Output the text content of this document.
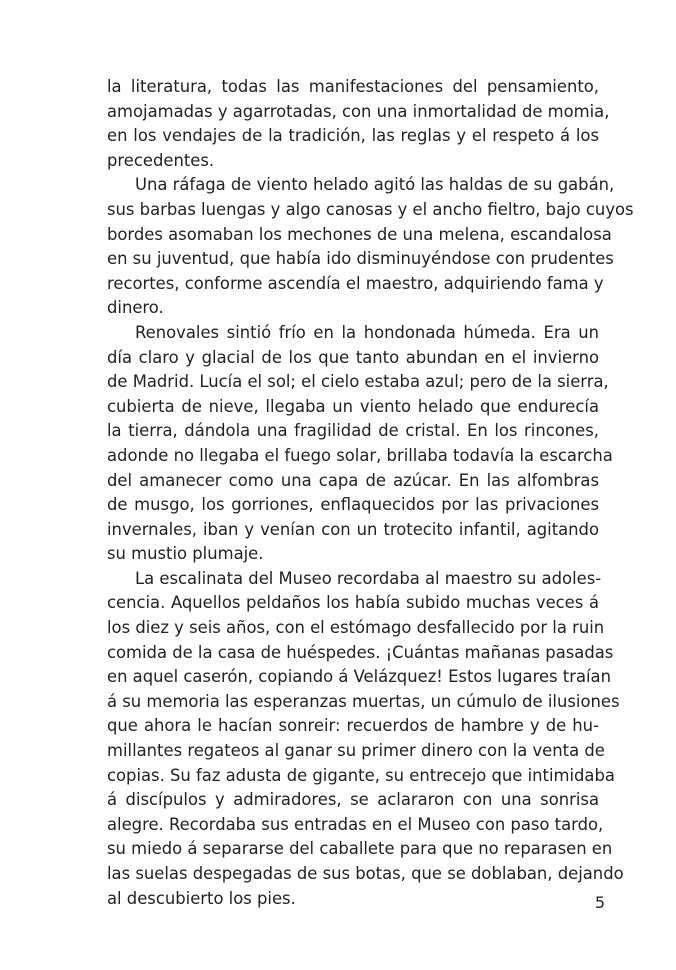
la literatura, todas las manifestaciones del pensamiento,
amojamadas y agarrotadas, con una inmortalidad de momia,
en los vendajes de la tradición, las reglas y el respeto á los
precedentes.
Una ráfaga de viento helado agitó las haldas de su gabán,
sus barbas luengas y algo canosas y el ancho fieltro, bajo cuyos
bordes asomaban los mechones de una melena, escandalosa
en su juventud, que había ido disminuyéndose con prudentes
recortes, conforme ascendía el maestro, adquiriendo fama y
dinero.
Renovales sintió frío en la hondonada húmeda. Era un
día claro y glacial de los que tanto abundan en el invierno
de Madrid. Lucía el sol; el cielo estaba azul; pero de la sierra,
cubierta de nieve, llegaba un viento helado que endurecía
la tierra, dándola una fragilidad de cristal. En los rincones,
adonde no llegaba el fuego solar, brillaba todavía la escarcha
del amanecer como una capa de azúcar. En las alfombras
de musgo, los gorriones, enflaquecidos por las privaciones
invernales, iban y venían con un trotecito infantil, agitando
su mustio plumaje.
La escalinata del Museo recordaba al maestro su adoles-
cencia. Aquellos peldaños los había subido muchas veces á
los diez y seis años, con el estómago desfallecido por la ruin
comida de la casa de huéspedes. ¡Cuántas mañanas pasadas
en aquel caserón, copiando á Velázquez! Estos lugares traían
á su memoria las esperanzas muertas, un cúmulo de ilusiones
que ahora le hacían sonreir: recuerdos de hambre y de hu-
millantes regateos al ganar su primer dinero con la venta de
copias. Su faz adusta de gigante, su entrecejo que intimidaba
á discípulos y admiradores, se aclararon con una sonrisa
alegre. Recordaba sus entradas en el Museo con paso tardo,
su miedo á separarse del caballete para que no reparasen en
las suelas despegadas de sus botas, que se doblaban, dejando
al descubierto los pies.	5
